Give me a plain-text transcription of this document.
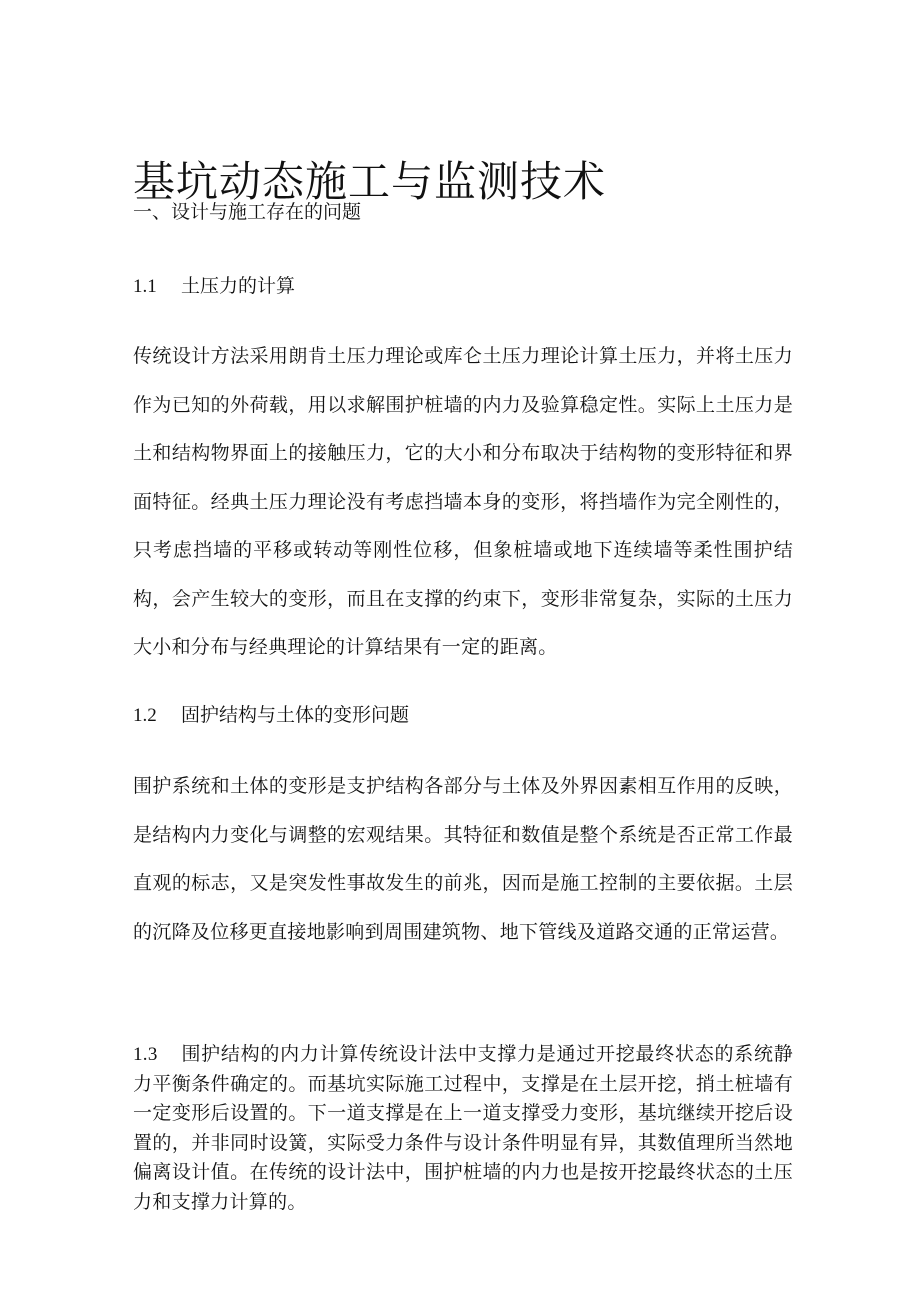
基坑动态施工与监测技术
一、设计与施工存在的问题
1.1 土压力的计算

传统设计方法采用朗肯土压力理论或库仑土压力理论计算土压力，并将土压力作为已知的外荷载，用以求解围护桩墙的内力及验算稳定性。实际上土压力是土和结构物界面上的接触压力，它的大小和分布取决于结构物的变形特征和界面特征。经典土压力理论没有考虑挡墙本身的变形，将挡墙作为完全刚性的，只考虑挡墙的平移或转动等刚性位移，但象桩墙或地下连续墙等柔性围护结构，会产生较大的变形，而且在支撑的约束下，变形非常复杂，实际的土压力大小和分布与经典理论的计算结果有一定的距离。

1.2 固护结构与土体的变形问题

围护系统和土体的变形是支护结构各部分与土体及外界因素相互作用的反映，是结构内力变化与调整的宏观结果。其特征和数值是整个系统是否正常工作最直观的标志，又是突发性事故发生的前兆，因而是施工控制的主要依据。土层的沉降及位移更直接地影响到周围建筑物、地下管线及道路交通的正常运营。

1.3 围护结构的内力计算传统设计法中支撑力是通过开挖最终状态的系统静力平衡条件确定的。而基坑实际施工过程中，支撑是在土层开挖，捎土桩墙有一定变形后设置的。下一道支撑是在上一道支撑受力变形，基坑继续开挖后设置的，并非同时设簧，实际受力条件与设计条件明显有异，其数值理所当然地偏离设计值。在传统的设计法中，围护桩墙的内力也是按开挖最终状态的土压力和支撑力计算的。
